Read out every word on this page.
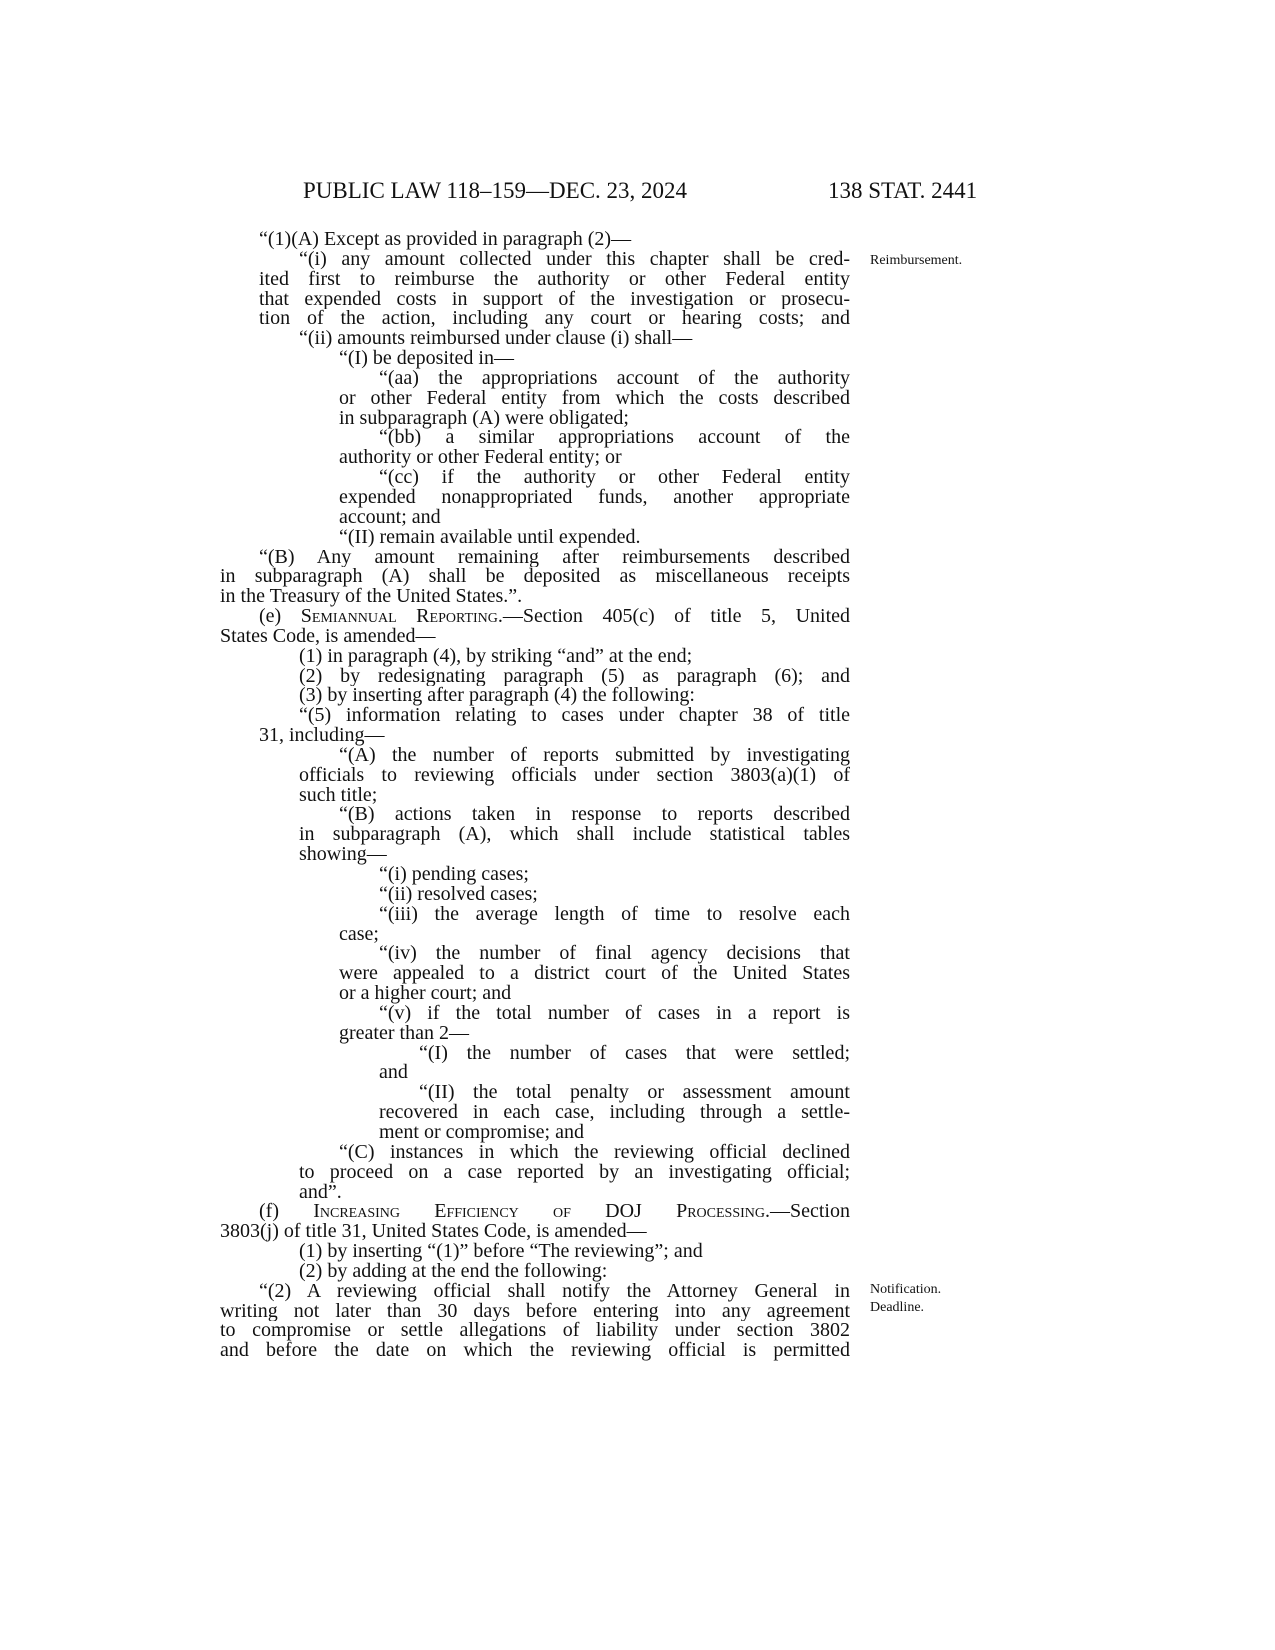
PUBLIC LAW 118–159—DEC. 23, 2024	138 STAT. 2441
Reimbursement.
Notification.
Deadline.
“(1)(A) Except as provided in paragraph (2)—
“(i) any amount collected under this chapter shall be cred-
ited first to reimburse the authority or other Federal entity
that expended costs in support of the investigation or prosecu-
tion of the action, including any court or hearing costs; and
“(ii) amounts reimbursed under clause (i) shall—
“(I) be deposited in—
“(aa) the appropriations account of the authority
or other Federal entity from which the costs described
in subparagraph (A) were obligated;
“(bb) a similar appropriations account of the
authority or other Federal entity; or
“(cc) if the authority or other Federal entity
expended nonappropriated funds, another appropriate
account; and
“(II) remain available until expended.
“(B) Any amount remaining after reimbursements described
in subparagraph (A) shall be deposited as miscellaneous receipts
in the Treasury of the United States.”.
(e) Semiannual Reporting.—Section 405(c) of title 5, United
States Code, is amended—
(1) in paragraph (4), by striking “and” at the end;
(2) by redesignating paragraph (5) as paragraph (6); and
(3) by inserting after paragraph (4) the following:
“(5) information relating to cases under chapter 38 of title
31, including—
“(A) the number of reports submitted by investigating
officials to reviewing officials under section 3803(a)(1) of
such title;
“(B) actions taken in response to reports described
in subparagraph (A), which shall include statistical tables
showing—
“(i) pending cases;
“(ii) resolved cases;
“(iii) the average length of time to resolve each
case;
“(iv) the number of final agency decisions that
were appealed to a district court of the United States
or a higher court; and
“(v) if the total number of cases in a report is
greater than 2—
“(I) the number of cases that were settled;
and
“(II) the total penalty or assessment amount
recovered in each case, including through a settle-
ment or compromise; and
“(C) instances in which the reviewing official declined
to proceed on a case reported by an investigating official;
and”.
(f) Increasing Efficiency of DOJ Processing.—Section
3803(j) of title 31, United States Code, is amended—
(1) by inserting “(1)” before “The reviewing”; and
(2) by adding at the end the following:
“(2) A reviewing official shall notify the Attorney General in
writing not later than 30 days before entering into any agreement
to compromise or settle allegations of liability under section 3802
and before the date on which the reviewing official is permitted
